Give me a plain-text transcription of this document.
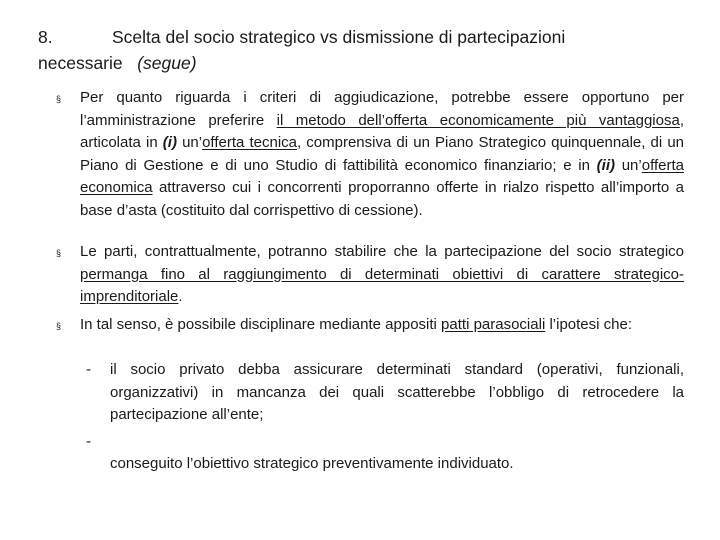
8.	Scelta del socio strategico vs dismissione di partecipazioni
necessarie (segue)
§ Per quanto riguarda i criteri di aggiudicazione, potrebbe essere opportuno per l’amministrazione preferire il metodo dell’offerta economicamente più vantaggiosa, articolata in (i) un’offerta tecnica, comprensiva di un Piano Strategico quinquennale, di un Piano di Gestione e di uno Studio di fattibilità economico finanziario; e in (ii) un’offerta economica attraverso cui i concorrenti proporranno offerte in rialzo rispetto all’importo a base d’asta (costituito dal corrispettivo di cessione).
§ Le parti, contrattualmente, potranno stabilire che la partecipazione del socio strategico permanga fino al raggiungimento di determinati obiettivi di carattere strategico-imprenditoriale.
§ In tal senso, è possibile disciplinare mediante appositi patti parasociali l’ipotesi che:
- il socio privato debba assicurare determinati standard (operativi, funzionali, organizzativi) in mancanza dei quali scatterebbe l’obbligo di retrocedere la partecipazione all’ente;
-
conseguito l’obiettivo strategico preventivamente individuato.
